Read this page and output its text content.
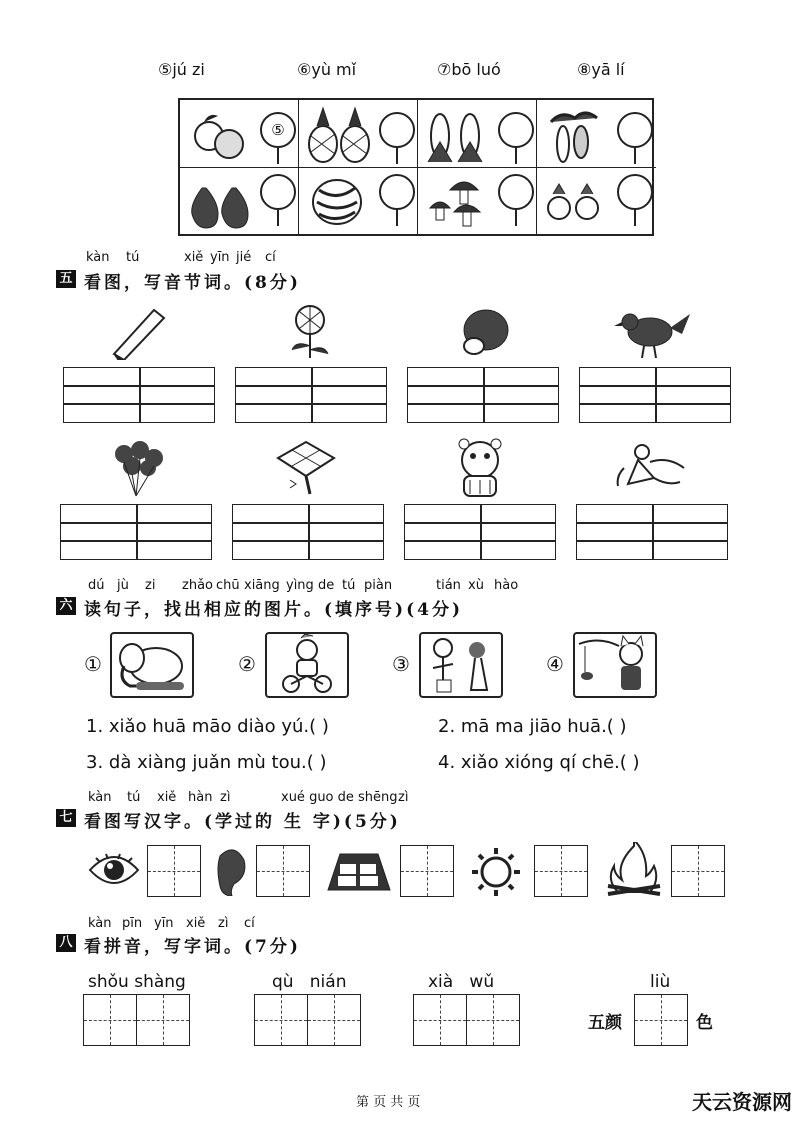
⑤jú zi	⑥yù mǐ	⑦bō luó	⑧yā lí
⑤
kàn tú	xiě yīn jié cí
五 看图，写音节词。(8分)
dú jù zi zhǎo chū xiāng yìng de tú piàn	tián xù hào
六 读句子，找出相应的图片。(填序号)(4分)
①	②	③	④
1. xiǎo huā māo diào yú.( )	2. mā ma jiāo huā.( )
3. dà xiàng juǎn mù tou.( )	4. xiǎo xióng qí chē.( )
kàn tú xiě hàn zì	xué guo de shēng zì
七 看图写汉字。(学过的 生 字)(5分)
kàn pīn yīn xiě zì cí
八 看拼音，写字词。(7分)
shǒu shàng	qù   nián	xià   wǔ	liù
五颜	色
第 页 共 页	天云资源网
